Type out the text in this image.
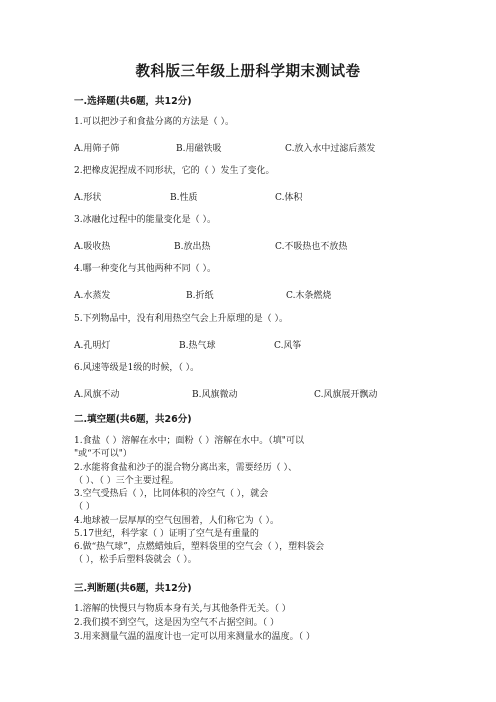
教科版三年级上册科学期末测试卷
一.选择题(共6题，共12分)
1.可以把沙子和食盐分离的方法是（ ）。
A.用筛子筛	B.用磁铁吸	C.放入水中过滤后蒸发
2.把橡皮泥捏成不同形状，它的（ ）发生了变化。
A.形状	B.性质	C.体积
3.冰融化过程中的能量变化是（ ）。
A.吸收热	B.放出热	C.不吸热也不放热
4.哪一种变化与其他两种不同（ ）。
A.水蒸发	B.折纸	C.木条燃烧
5.下列物品中，没有利用热空气会上升原理的是（ ）。
A.孔明灯	B.热气球	C.风筝
6.风速等级是1级的时候，（ ）。
A.风旗不动	B.风旗微动	C.风旗展开飘动
二.填空题(共6题，共26分)
1.食盐（ ）溶解在水中；面粉（ ）溶解在水中。（填"可以
"或“不可以"）
2.水能将食盐和沙子的混合物分离出来，需要经历（ ）、
（ ）、（ ）三个主要过程。
3.空气受热后（ ），比同体积的冷空气（ ），就会
（ ）
4.地球被一层厚厚的空气包围着，人们称它为（ ）。
5.17世纪，科学家（ ）证明了空气是有重量的
6.做“热气球”，点燃蜡烛后，塑料袋里的空气会（ ），塑料袋会
（ ），松手后塑料袋就会（ ）。
三.判断题(共6题，共12分)
1.溶解的快慢只与物质本身有关,与其他条件无关。（ ）
2.我们摸不到空气，这是因为空气不占据空间。（ ）
3.用来测量气温的温度计也一定可以用来测量水的温度。（ ）
